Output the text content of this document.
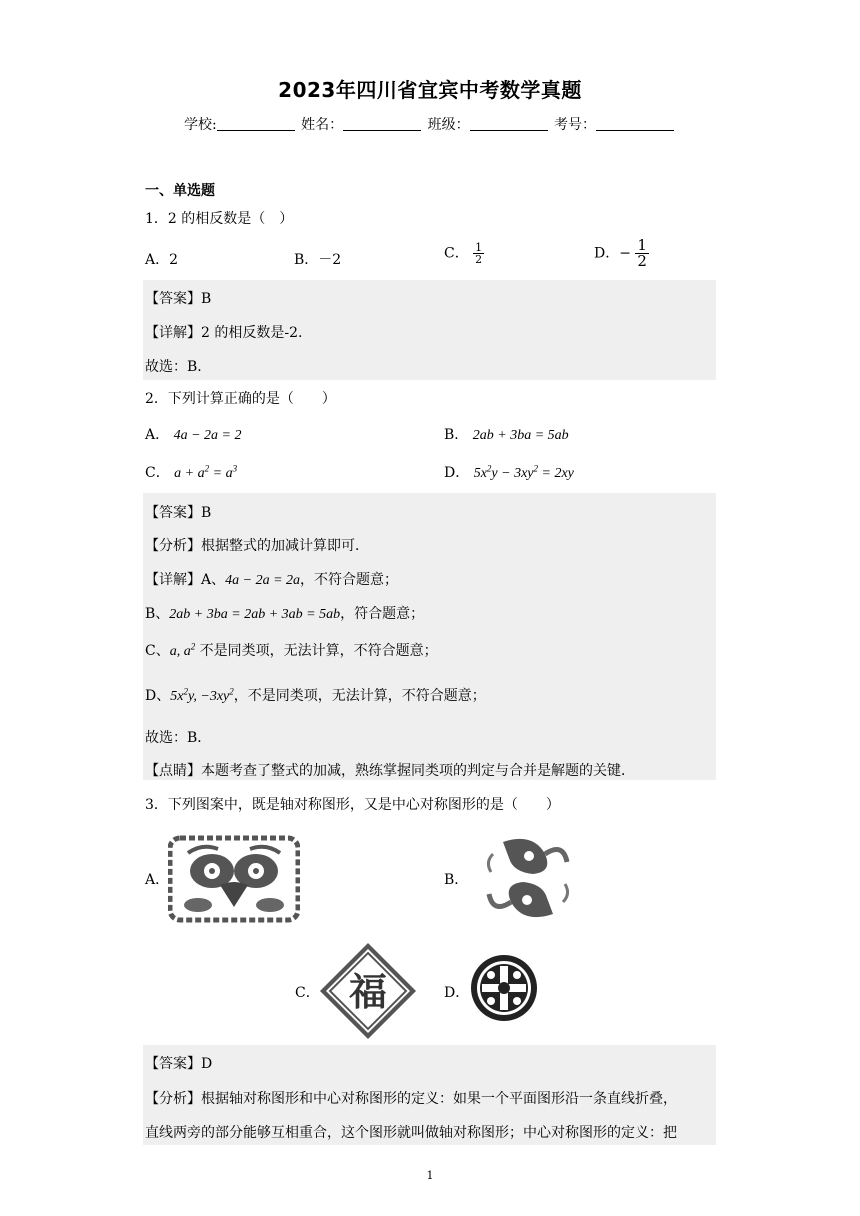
2023年四川省宜宾中考数学真题
学校:	姓名：	班级：	考号：
一、单选题
1．2 的相反数是（　）
A．2	B．－2	C． $\frac{1}{2}$	D．− $\frac{1}{2}$
【答案】B
【详解】2 的相反数是-2.
故选：B.
2．下列计算正确的是（　　）
A． 4a − 2a = 2	B． 2ab + 3ba = 5ab
C． $a + a^2 = a^3$	D． $5x^2y - 3xy^2 = 2xy$
【答案】B
【分析】根据整式的加减计算即可．
【详解】A、4a − 2a = 2a，不符合题意；
B、2ab + 3ba = 2ab + 3ab = 5ab，符合题意；
C、a, $a^2$ 不是同类项，无法计算，不符合题意；
D、$5x^2y$, $-3xy^2$，不是同类项，无法计算，不符合题意；
故选：B．
【点睛】本题考查了整式的加减，熟练掌握同类项的判定与合并是解题的关键．
3．下列图案中，既是轴对称图形，又是中心对称图形的是（　　）
A．	B．
C． 福	D．
【答案】D
【分析】根据轴对称图形和中心对称图形的定义：如果一个平面图形沿一条直线折叠，
直线两旁的部分能够互相重合，这个图形就叫做轴对称图形；中心对称图形的定义：把
1
